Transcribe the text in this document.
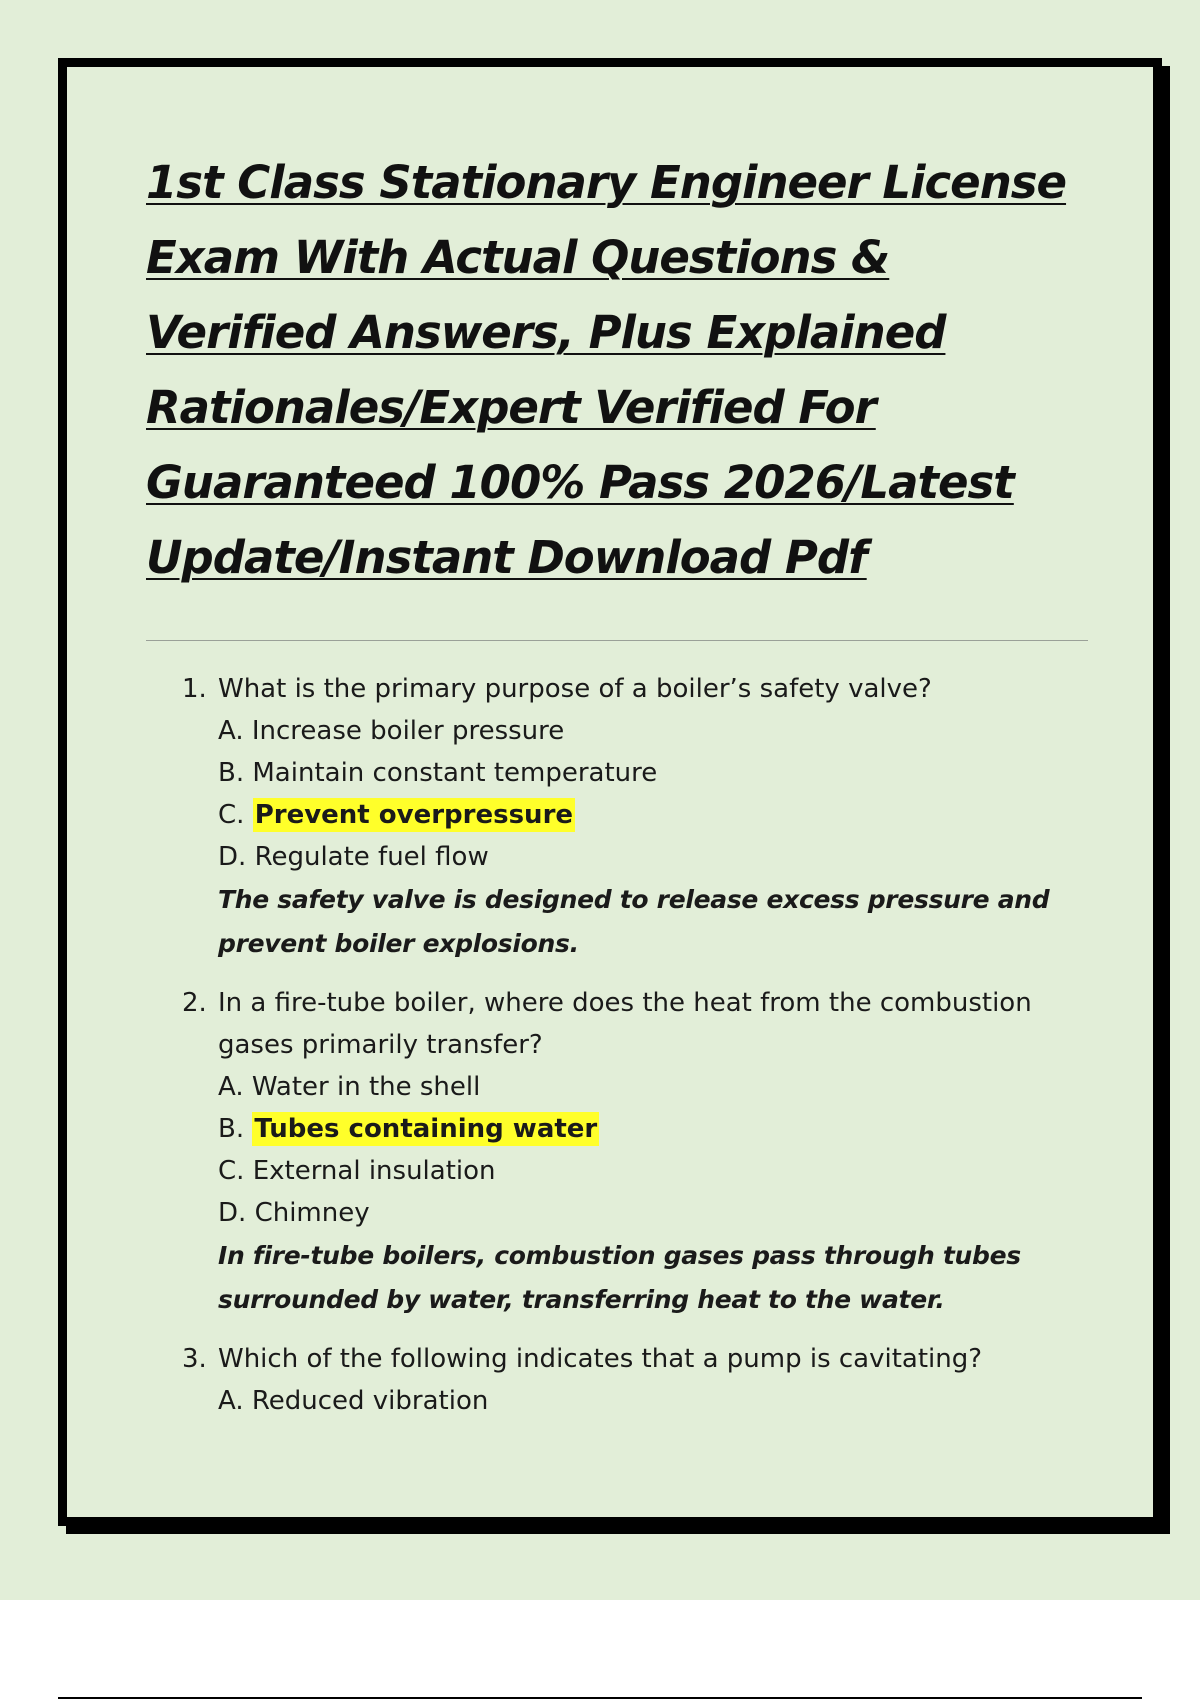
1st Class Stationary Engineer License Exam With Actual Questions & Verified Answers, Plus Explained Rationales/Expert Verified For Guaranteed 100% Pass 2026/Latest Update/Instant Download Pdf
1. What is the primary purpose of a boiler’s safety valve?

A. Increase boiler pressure

B. Maintain constant temperature

C. Prevent overpressure

D. Regulate fuel flow

The safety valve is designed to release excess pressure and prevent boiler explosions.

2. In a fire-tube boiler, where does the heat from the combustion gases primarily transfer?

A. Water in the shell

B. Tubes containing water

C. External insulation

D. Chimney

In fire-tube boilers, combustion gases pass through tubes surrounded by water, transferring heat to the water.

3. Which of the following indicates that a pump is cavitating?

A. Reduced vibration
